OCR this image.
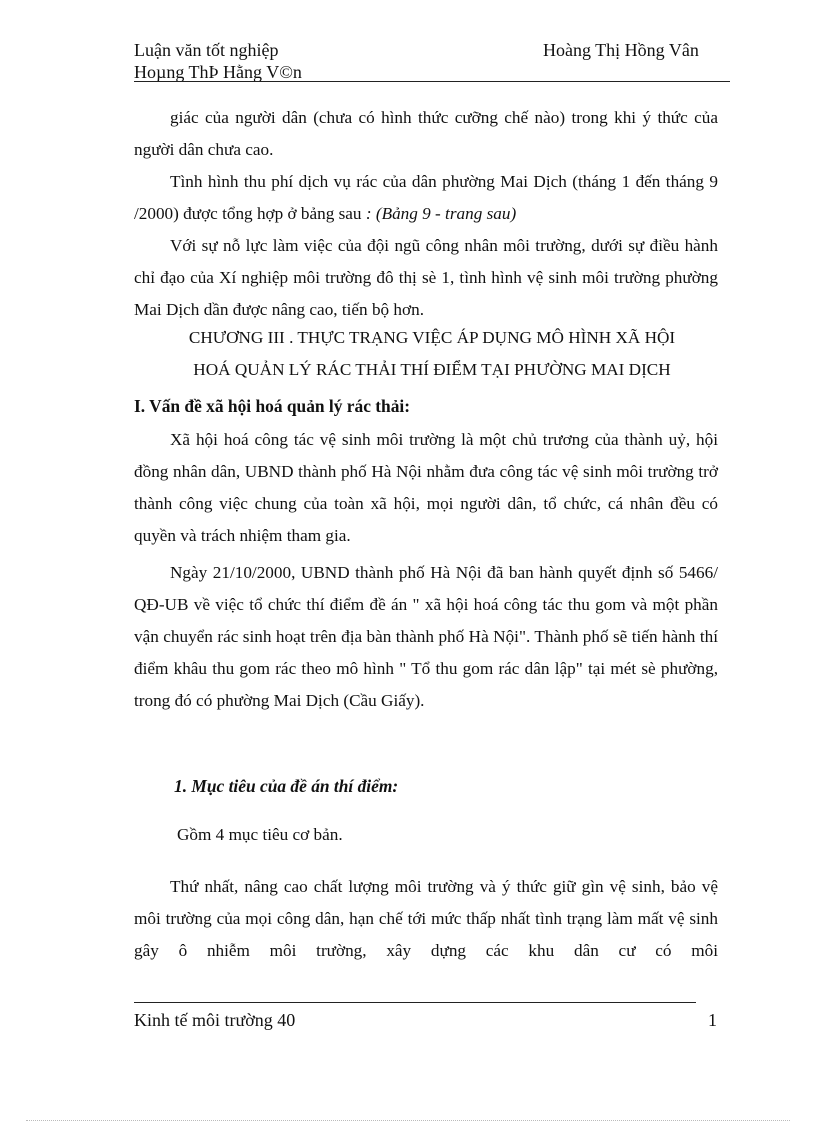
Luận văn tốt nghiệp
Hoµng ThÞ Hằng V©n
Hoàng Thị Hồng Vân

giác của người dân (chưa có hình thức cưỡng chế nào) trong khi ý thức của người dân chưa cao.

Tình hình thu phí dịch vụ rác của dân phường Mai Dịch (tháng 1 đến tháng 9 /2000) được tổng hợp ở bảng sau : (Bảng 9 - trang sau)

Với sự nỗ lực làm việc của đội ngũ công nhân môi trường, dưới sự điều hành chỉ đạo của Xí nghiệp môi trường đô thị sè 1, tình hình vệ sinh môi trường phường Mai Dịch dần được nâng cao, tiến bộ hơn.

CHƯƠNG III . THỰC TRẠNG VIỆC ÁP DỤNG MÔ HÌNH XÃ HỘI
HOÁ QUẢN LÝ RÁC THẢI THÍ ĐIỂM TẠI PHƯỜNG MAI DỊCH
I. Vấn đề xã hội hoá quản lý rác thải:

Xã hội hoá công tác vệ sinh môi trường là một chủ trương của thành uỷ, hội đồng nhân dân, UBND thành phố Hà Nội nhằm đưa công tác vệ sinh môi trường trở thành công việc chung của toàn xã hội, mọi người dân, tổ chức, cá nhân đều có quyền và trách nhiệm tham gia.

Ngày 21/10/2000, UBND thành phố Hà Nội đã ban hành quyết định số 5466/ QĐ-UB về việc tổ chức thí điểm đề án " xã hội hoá công tác thu gom và một phần vận chuyển rác sinh hoạt trên địa bàn thành phố Hà Nội". Thành phố sẽ tiến hành thí điểm khâu thu gom rác theo mô hình " Tổ thu gom rác dân lập" tại mét sè phường, trong đó có phường Mai Dịch (Cầu Giấy).

1. Mục tiêu của đề án thí điểm:
Gồm 4 mục tiêu cơ bản.

Thứ nhất, nâng cao chất lượng môi trường và ý thức giữ gìn vệ sinh, bảo vệ môi trường của mọi công dân, hạn chế tới mức thấp nhất tình trạng làm mất vệ sinh gây ô nhiễm môi trường, xây dựng các khu dân cư có môi

Kinh tế môi trường 40	1
